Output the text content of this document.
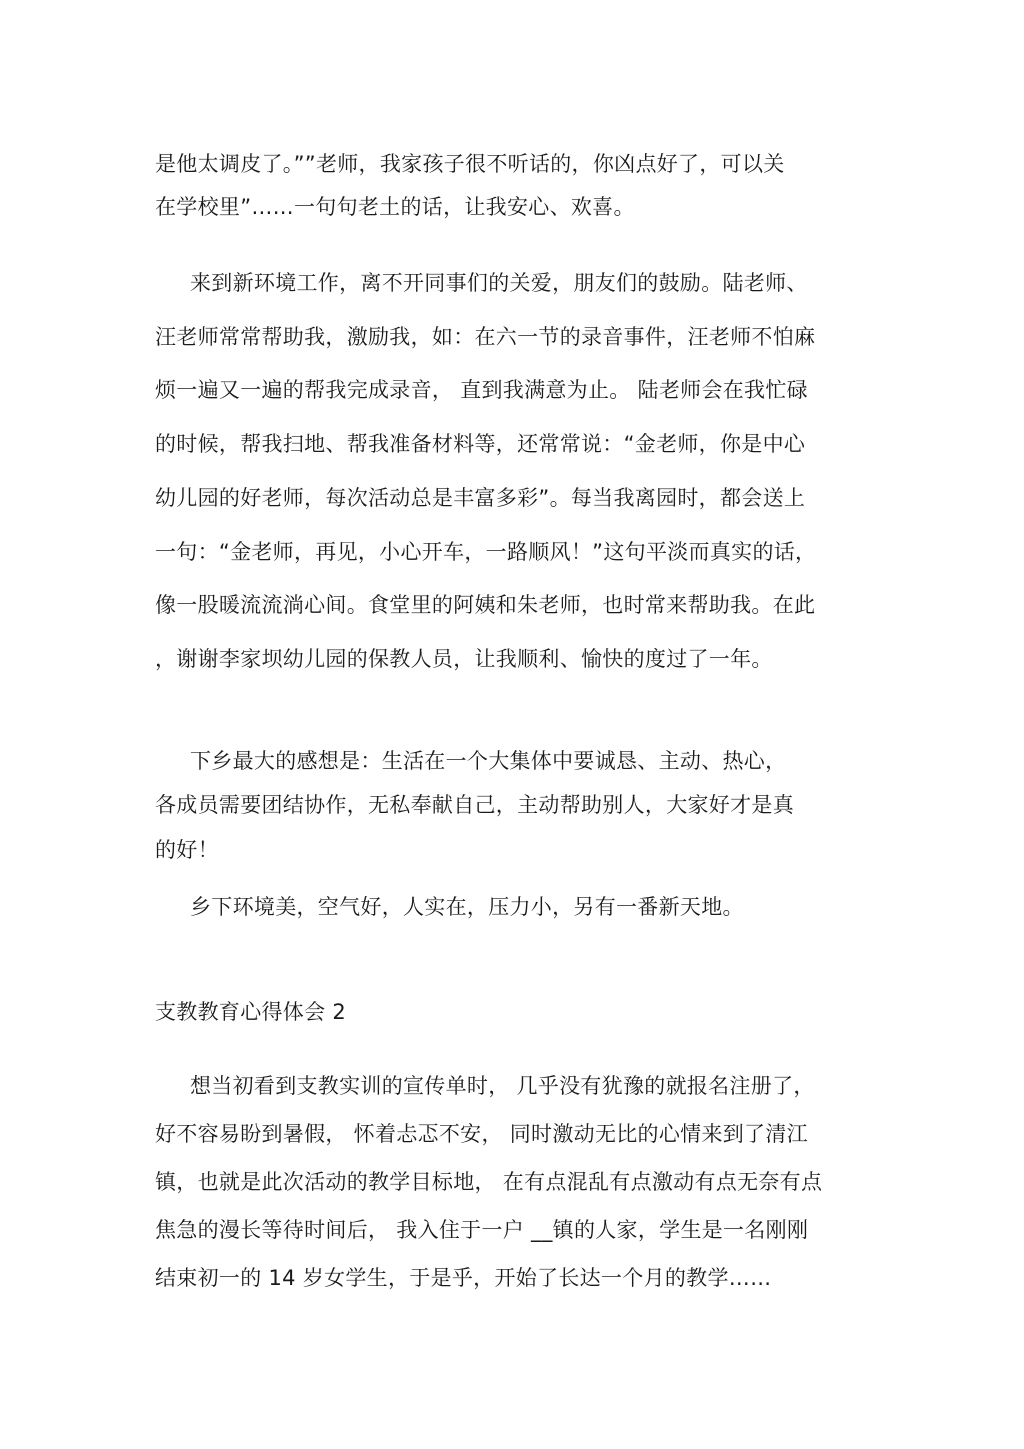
是他太调皮了。””老师，我家孩子很不听话的，你凶点好了，可以关

在学校里”……一句句老土的话，让我安心、欢喜。

来到新环境工作，离不开同事们的关爱，朋友们的鼓励。陆老师、

汪老师常常帮助我，激励我，如：在六一节的录音事件，汪老师不怕麻

烦一遍又一遍的帮我完成录音， 直到我满意为止。 陆老师会在我忙碌

的时候，帮我扫地、帮我准备材料等，还常常说：“金老师，你是中心

幼儿园的好老师，每次活动总是丰富多彩”。每当我离园时，都会送上

一句：“金老师，再见，小心开车，一路顺风！”这句平淡而真实的话，

像一股暖流流淌心间。食堂里的阿姨和朱老师，也时常来帮助我。在此

，谢谢李家坝幼儿园的保教人员，让我顺利、愉快的度过了一年。

下乡最大的感想是：生活在一个大集体中要诚恳、主动、热心，

各成员需要团结协作，无私奉献自己，主动帮助别人，大家好才是真

的好！

乡下环境美，空气好，人实在，压力小，另有一番新天地。

支教教育心得体会 2

想当初看到支教实训的宣传单时， 几乎没有犹豫的就报名注册了，

好不容易盼到暑假， 怀着忐忑不安， 同时激动无比的心情来到了清江

镇，也就是此次活动的教学目标地， 在有点混乱有点激动有点无奈有点

焦急的漫长等待时间后， 我入住于一户 __镇的人家，学生是一名刚刚

结束初一的 14 岁女学生，于是乎，开始了长达一个月的教学……
